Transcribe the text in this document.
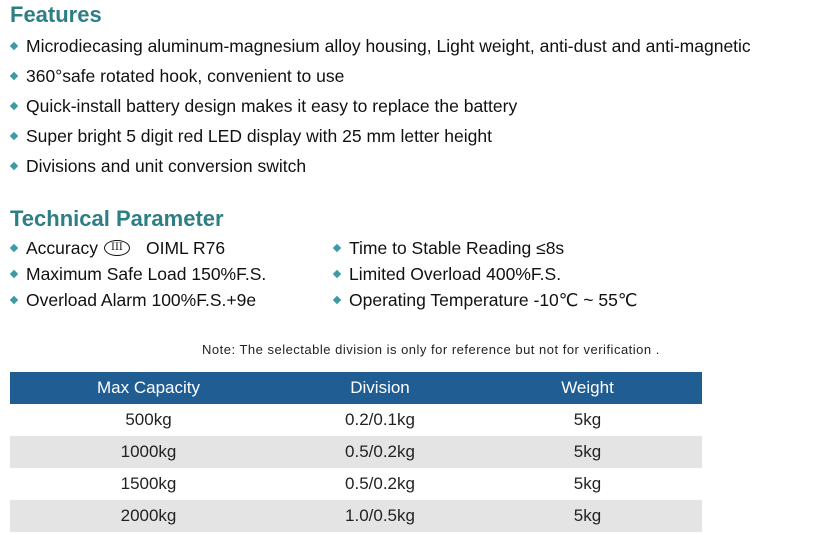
Features
Microdiecasing aluminum-magnesium alloy housing, Light weight, anti-dust and anti-magnetic
360°safe rotated hook, convenient to use
Quick-install battery design makes it easy to replace the battery
Super bright 5 digit red LED display with 25 mm letter height
Divisions and unit conversion switch
Technical Parameter
Accuracy	III	OIML R76
Maximum Safe Load 150%F.S.
Overload Alarm 100%F.S.+9e
Time to Stable Reading ≤8s
Limited Overload 400%F.S.
Operating Temperature -10℃ ~ 55℃
Note: The selectable division is only for reference but not for verification .
Max Capacity	Division	Weight
500kg	0.2/0.1kg	5kg
1000kg	0.5/0.2kg	5kg
1500kg	0.5/0.2kg	5kg
2000kg	1.0/0.5kg	5kg
